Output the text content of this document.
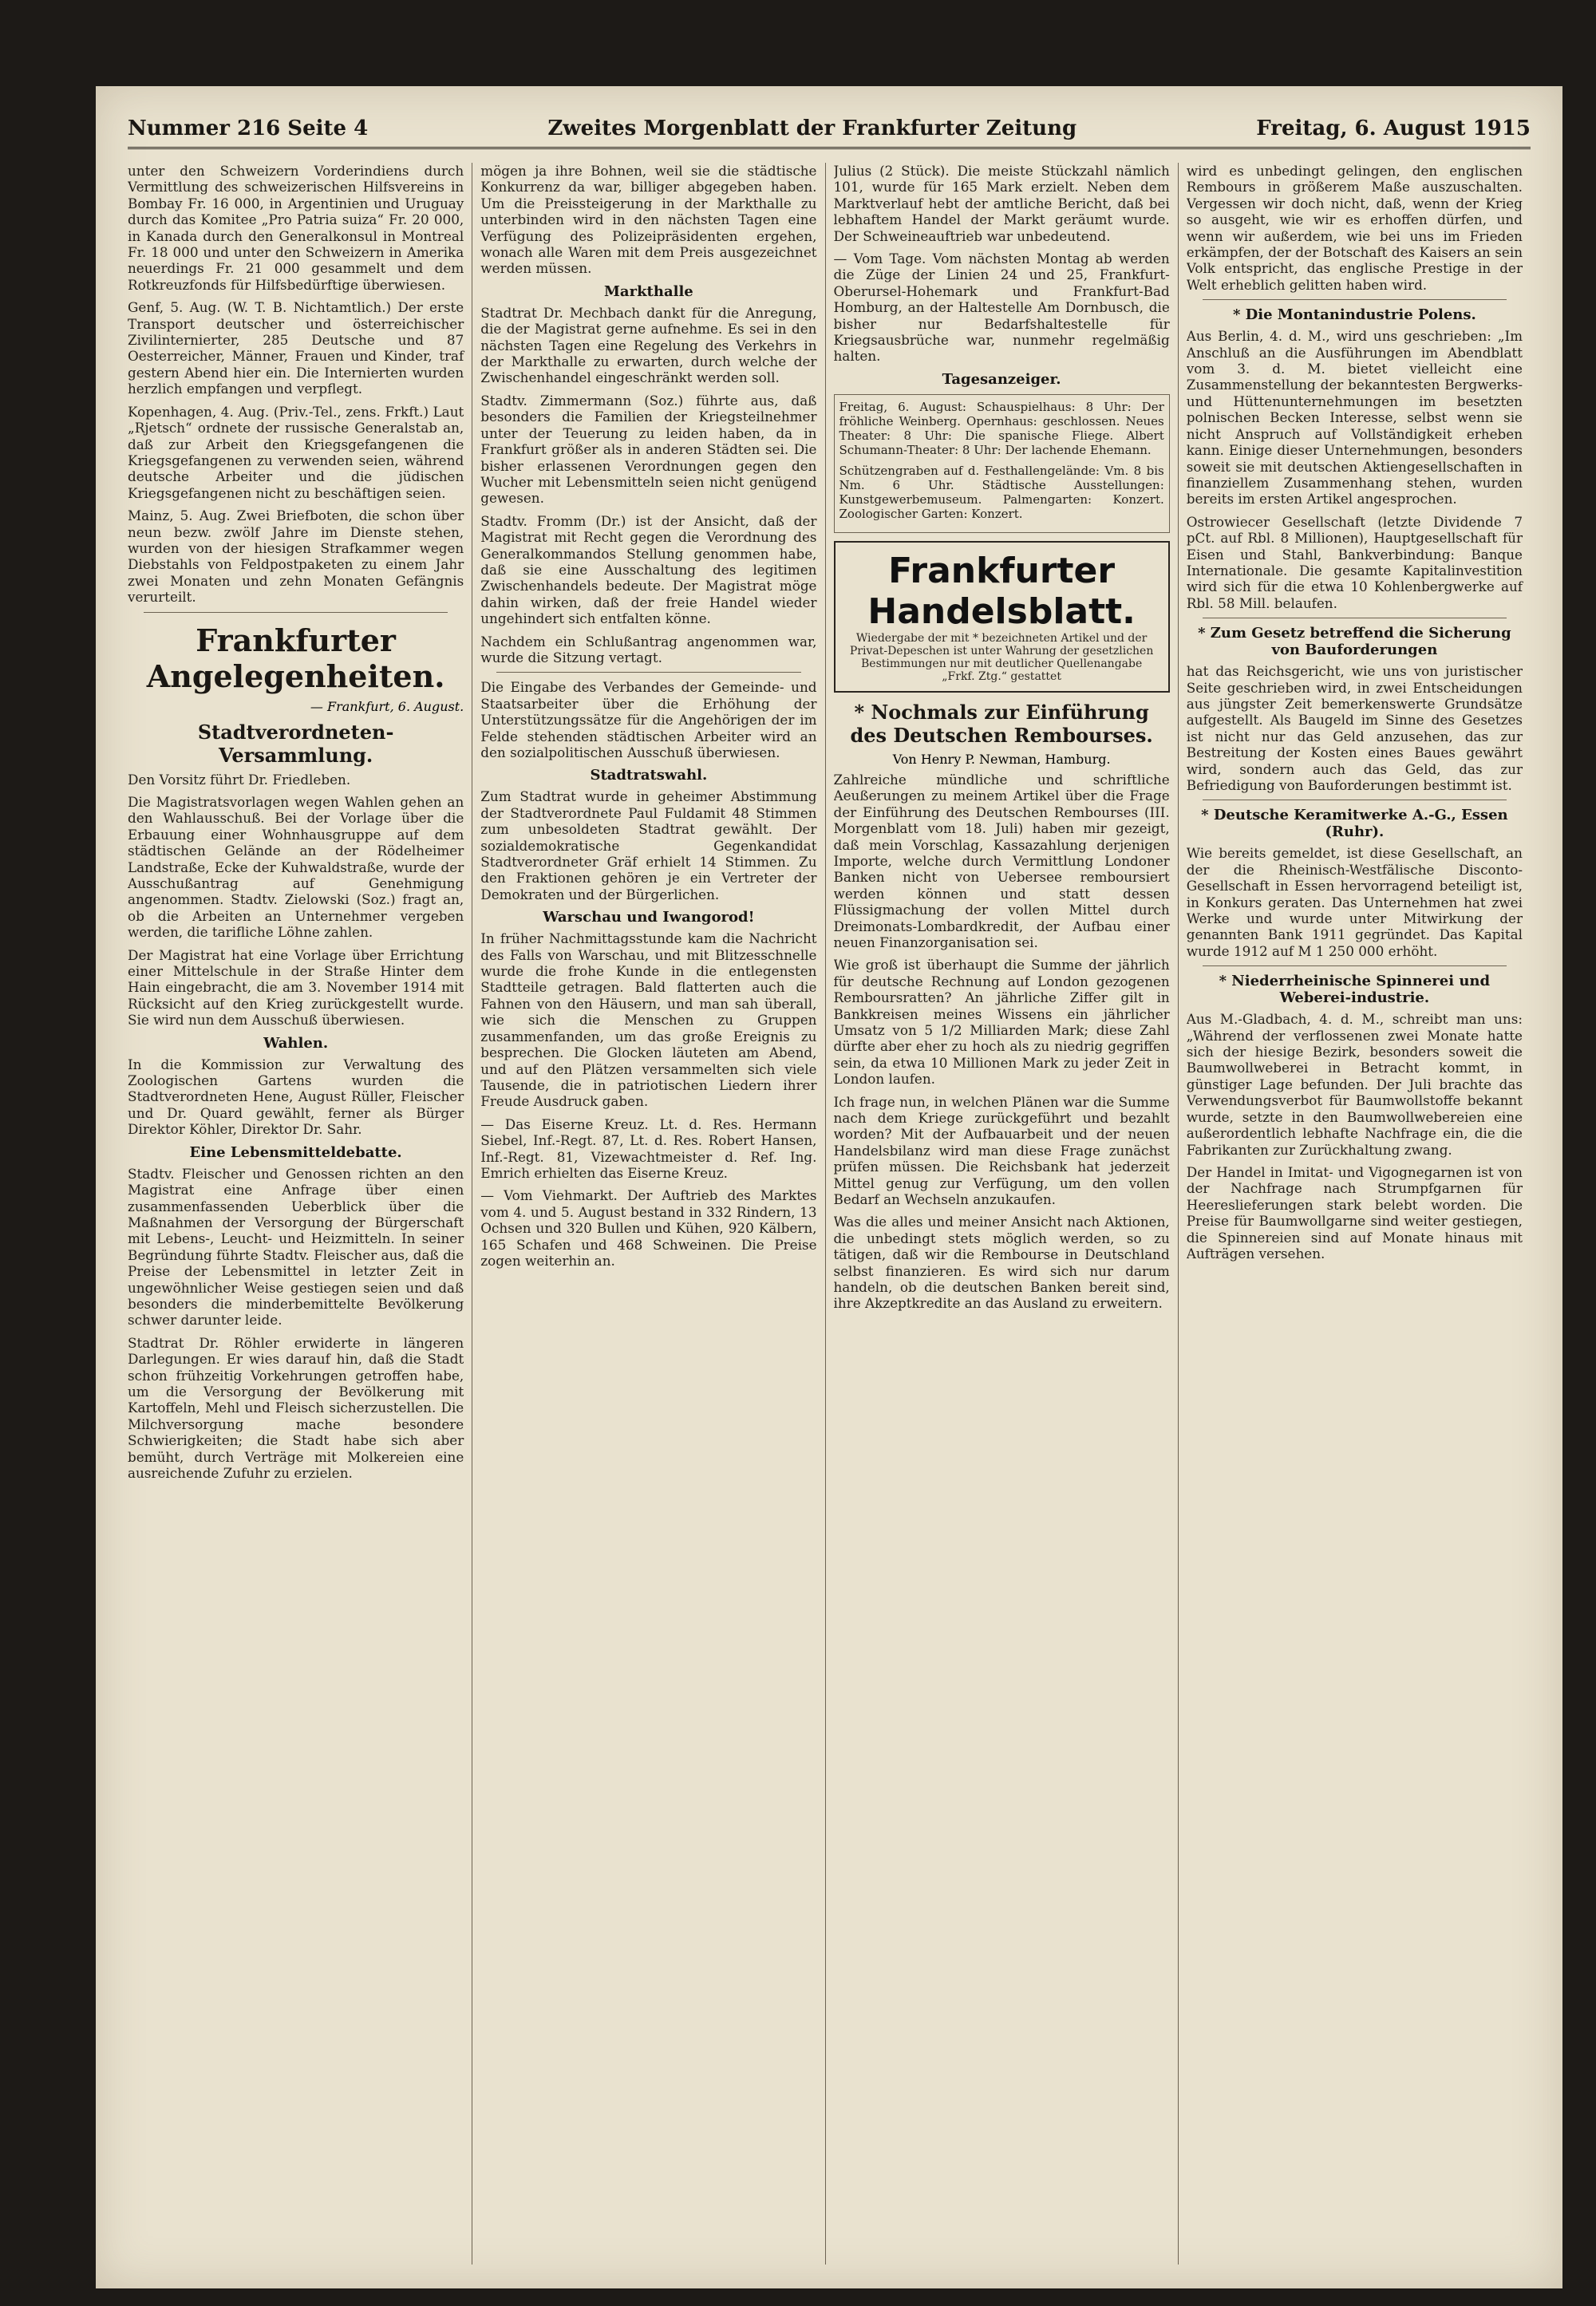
Nummer 216 Seite 4	Zweites Morgenblatt der Frankfurter Zeitung	Freitag, 6. August 1915

unter den Schweizern Vorderindiens durch Vermittlung des schweizerischen Hilfsvereins in Bombay Fr. 16 000, in Argentinien und Uruguay durch das Komitee „Pro Patria suiza“ Fr. 20 000, in Kanada durch den Generalkonsul in Montreal Fr. 18 000 und unter den Schweizern in Amerika neuerdings Fr. 21 000 gesammelt und dem Rotkreuzfonds für Hilfsbedürftige überwiesen.

Genf, 5. Aug. (W. T. B. Nichtamtlich.) Der erste Transport deutscher und österreichischer Zivilinternierter, 285 Deutsche und 87 Oesterreicher, Männer, Frauen und Kinder, traf gestern Abend hier ein. Die Internierten wurden herzlich empfangen und verpflegt.

Kopenhagen, 4. Aug. (Priv.-Tel., zens. Frkft.) Laut „Rjetsch“ ordnete der russische Generalstab an, daß zur Arbeit den Kriegsgefangenen die Kriegsgefangenen zu verwenden seien, während deutsche Arbeiter und die jüdischen Kriegsgefangenen nicht zu beschäftigen seien.

Mainz, 5. Aug. Zwei Briefboten, die schon über neun bezw. zwölf Jahre im Dienste stehen, wurden von der hiesigen Strafkammer wegen Diebstahls von Feldpostpaketen zu einem Jahr zwei Monaten und zehn Monaten Gefängnis verurteilt.

Frankfurter Angelegenheiten.
— Frankfurt, 6. August.
Stadtverordneten-Versammlung.

Den Vorsitz führt Dr. Friedleben.

Die Magistratsvorlagen wegen Wahlen gehen an den Wahlausschuß. Bei der Vorlage über die Erbauung einer Wohnhausgruppe auf dem städtischen Gelände an der Rödelheimer Landstraße, Ecke der Kuhwaldstraße, wurde der Ausschußantrag auf Genehmigung angenommen. Stadtv. Zielowski (Soz.) fragt an, ob die Arbeiten an Unternehmer vergeben werden, die tarifliche Löhne zahlen.

Der Magistrat hat eine Vorlage über Errichtung einer Mittelschule in der Straße Hinter dem Hain eingebracht, die am 3. November 1914 mit Rücksicht auf den Krieg zurückgestellt wurde. Sie wird nun dem Ausschuß überwiesen.

Wahlen.

In die Kommission zur Verwaltung des Zoologischen Gartens wurden die Stadtverordneten Hene, August Rüller, Fleischer und Dr. Quard gewählt, ferner als Bürger Direktor Köhler, Direktor Dr. Sahr.

Eine Lebensmitteldebatte.

Stadtv. Fleischer und Genossen richten an den Magistrat eine Anfrage über einen zusammenfassenden Ueberblick über die Maßnahmen der Versorgung der Bürgerschaft mit Lebens-, Leucht- und Heizmitteln. In seiner Begründung führte Stadtv. Fleischer aus, daß die Preise der Lebensmittel in letzter Zeit in ungewöhnlicher Weise gestiegen seien und daß besonders die minderbemittelte Bevölkerung schwer darunter leide.

Stadtrat Dr. Röhler erwiderte in längeren Darlegungen. Er wies darauf hin, daß die Stadt schon frühzeitig Vorkehrungen getroffen habe, um die Versorgung der Bevölkerung mit Kartoffeln, Mehl und Fleisch sicherzustellen. Die Milchversorgung mache besondere Schwierigkeiten; die Stadt habe sich aber bemüht, durch Verträge mit Molkereien eine ausreichende Zufuhr zu erzielen.

mögen ja ihre Bohnen, weil sie die städtische Konkurrenz da war, billiger abgegeben haben. Um die Preissteigerung in der Markthalle zu unterbinden wird in den nächsten Tagen eine Verfügung des Polizeipräsidenten ergehen, wonach alle Waren mit dem Preis ausgezeichnet werden müssen.

Markthalle

Stadtrat Dr. Mechbach dankt für die Anregung, die der Magistrat gerne aufnehme. Es sei in den nächsten Tagen eine Regelung des Verkehrs in der Markthalle zu erwarten, durch welche der Zwischenhandel eingeschränkt werden soll.

Stadtv. Zimmermann (Soz.) führte aus, daß besonders die Familien der Kriegsteilnehmer unter der Teuerung zu leiden haben, da in Frankfurt größer als in anderen Städten sei. Die bisher erlassenen Verordnungen gegen den Wucher mit Lebensmitteln seien nicht genügend gewesen.

Stadtv. Fromm (Dr.) ist der Ansicht, daß der Magistrat mit Recht gegen die Verordnung des Generalkommandos Stellung genommen habe, daß sie eine Ausschaltung des legitimen Zwischenhandels bedeute. Der Magistrat möge dahin wirken, daß der freie Handel wieder ungehindert sich entfalten könne.

Nachdem ein Schlußantrag angenommen war, wurde die Sitzung vertagt.

Die Eingabe des Verbandes der Gemeinde- und Staatsarbeiter über die Erhöhung der Unterstützungssätze für die Angehörigen der im Felde stehenden städtischen Arbeiter wird an den sozialpolitischen Ausschuß überwiesen.

Stadtratswahl.

Zum Stadtrat wurde in geheimer Abstimmung der Stadtverordnete Paul Fuldamit 48 Stimmen zum unbesoldeten Stadtrat gewählt. Der sozialdemokratische Gegenkandidat Stadtverordneter Gräf erhielt 14 Stimmen. Zu den Fraktionen gehören je ein Vertreter der Demokraten und der Bürgerlichen.

Warschau und Iwangorod!

In früher Nachmittagsstunde kam die Nachricht des Falls von Warschau, und mit Blitzesschnelle wurde die frohe Kunde in die entlegensten Stadtteile getragen. Bald flatterten auch die Fahnen von den Häusern, und man sah überall, wie sich die Menschen zu Gruppen zusammenfanden, um das große Ereignis zu besprechen. Die Glocken läuteten am Abend, und auf den Plätzen versammelten sich viele Tausende, die in patriotischen Liedern ihrer Freude Ausdruck gaben.

— Das Eiserne Kreuz. Lt. d. Res. Hermann Siebel, Inf.-Regt. 87, Lt. d. Res. Robert Hansen, Inf.-Regt. 81, Vizewachtmeister d. Ref. Ing. Emrich erhielten das Eiserne Kreuz.

— Vom Viehmarkt. Der Auftrieb des Marktes vom 4. und 5. August bestand in 332 Rindern, 13 Ochsen und 320 Bullen und Kühen, 920 Kälbern, 165 Schafen und 468 Schweinen. Die Preise zogen weiterhin an.

Julius (2 Stück). Die meiste Stückzahl nämlich 101, wurde für 165 Mark erzielt. Neben dem Marktverlauf hebt der amtliche Bericht, daß bei lebhaftem Handel der Markt geräumt wurde. Der Schweineauftrieb war unbedeutend.

— Vom Tage. Vom nächsten Montag ab werden die Züge der Linien 24 und 25, Frankfurt-Oberursel-Hohemark und Frankfurt-Bad Homburg, an der Haltestelle Am Dornbusch, die bisher nur Bedarfshaltestelle für Kriegsausbrüche war, nunmehr regelmäßig halten.

Tagesanzeiger.

Freitag, 6. August: Schauspielhaus: 8 Uhr: Der fröhliche Weinberg. Opernhaus: geschlossen. Neues Theater: 8 Uhr: Die spanische Fliege. Albert Schumann-Theater: 8 Uhr: Der lachende Ehemann.

Schützengraben auf d. Festhallengelände: Vm. 8 bis Nm. 6 Uhr. Städtische Ausstellungen: Kunstgewerbemuseum. Palmengarten: Konzert. Zoologischer Garten: Konzert.

Frankfurter Handelsblatt.
Wiedergabe der mit * bezeichneten Artikel und der Privat-Depeschen ist unter Wahrung der gesetzlichen Bestimmungen nur mit deutlicher Quellenangabe „Frkf. Ztg.“ gestattet
* Nochmals zur Einführung des Deutschen Rembourses.
Von Henry P. Newman, Hamburg.

Zahlreiche mündliche und schriftliche Aeußerungen zu meinem Artikel über die Frage der Einführung des Deutschen Rembourses (III. Morgenblatt vom 18. Juli) haben mir gezeigt, daß mein Vorschlag, Kassazahlung derjenigen Importe, welche durch Vermittlung Londoner Banken nicht von Uebersee remboursiert werden können und statt dessen Flüssigmachung der vollen Mittel durch Dreimonats-Lombardkredit, der Aufbau einer neuen Finanzorganisation sei.

Wie groß ist überhaupt die Summe der jährlich für deutsche Rechnung auf London gezogenen Remboursratten? An jährliche Ziffer gilt in Bankkreisen meines Wissens ein jährlicher Umsatz von 5 1/2 Milliarden Mark; diese Zahl dürfte aber eher zu hoch als zu niedrig gegriffen sein, da etwa 10 Millionen Mark zu jeder Zeit in London laufen.

Ich frage nun, in welchen Plänen war die Summe nach dem Kriege zurückgeführt und bezahlt worden? Mit der Aufbauarbeit und der neuen Handelsbilanz wird man diese Frage zunächst prüfen müssen. Die Reichsbank hat jederzeit Mittel genug zur Verfügung, um den vollen Bedarf an Wechseln anzukaufen.

Was die alles und meiner Ansicht nach Aktionen, die unbedingt stets möglich werden, so zu tätigen, daß wir die Rembourse in Deutschland selbst finanzieren. Es wird sich nur darum handeln, ob die deutschen Banken bereit sind, ihre Akzeptkredite an das Ausland zu erweitern.

wird es unbedingt gelingen, den englischen Rembours in größerem Maße auszuschalten. Vergessen wir doch nicht, daß, wenn der Krieg so ausgeht, wie wir es erhoffen dürfen, und wenn wir außerdem, wie bei uns im Frieden erkämpfen, der der Botschaft des Kaisers an sein Volk entspricht, das englische Prestige in der Welt erheblich gelitten haben wird.

* Die Montanindustrie Polens.

Aus Berlin, 4. d. M., wird uns geschrieben: „Im Anschluß an die Ausführungen im Abendblatt vom 3. d. M. bietet vielleicht eine Zusammenstellung der bekanntesten Bergwerks- und Hüttenunternehmungen im besetzten polnischen Becken Interesse, selbst wenn sie nicht Anspruch auf Vollständigkeit erheben kann. Einige dieser Unternehmungen, besonders soweit sie mit deutschen Aktiengesellschaften in finanziellem Zusammenhang stehen, wurden bereits im ersten Artikel angesprochen.

Ostrowiecer Gesellschaft (letzte Dividende 7 pCt. auf Rbl. 8 Millionen), Hauptgesellschaft für Eisen und Stahl, Bankverbindung: Banque Internationale. Die gesamte Kapitalinvestition wird sich für die etwa 10 Kohlenbergwerke auf Rbl. 58 Mill. belaufen.

* Zum Gesetz betreffend die Sicherung von Bauforderungen

hat das Reichsgericht, wie uns von juristischer Seite geschrieben wird, in zwei Entscheidungen aus jüngster Zeit bemerkenswerte Grundsätze aufgestellt. Als Baugeld im Sinne des Gesetzes ist nicht nur das Geld anzusehen, das zur Bestreitung der Kosten eines Baues gewährt wird, sondern auch das Geld, das zur Befriedigung von Bauforderungen bestimmt ist.

* Deutsche Keramitwerke A.-G., Essen (Ruhr).

Wie bereits gemeldet, ist diese Gesellschaft, an der die Rheinisch-Westfälische Disconto-Gesellschaft in Essen hervorragend beteiligt ist, in Konkurs geraten. Das Unternehmen hat zwei Werke und wurde unter Mitwirkung der genannten Bank 1911 gegründet. Das Kapital wurde 1912 auf M 1 250 000 erhöht.

* Niederrheinische Spinnerei und Weberei-industrie.

Aus M.-Gladbach, 4. d. M., schreibt man uns: „Während der verflossenen zwei Monate hatte sich der hiesige Bezirk, besonders soweit die Baumwollweberei in Betracht kommt, in günstiger Lage befunden. Der Juli brachte das Verwendungsverbot für Baumwollstoffe bekannt wurde, setzte in den Baumwollwebereien eine außerordentlich lebhafte Nachfrage ein, die die Fabrikanten zur Zurückhaltung zwang.

Der Handel in Imitat- und Vigognegarnen ist von der Nachfrage nach Strumpfgarnen für Heereslieferungen stark belebt worden. Die Preise für Baumwollgarne sind weiter gestiegen, die Spinnereien sind auf Monate hinaus mit Aufträgen versehen.
